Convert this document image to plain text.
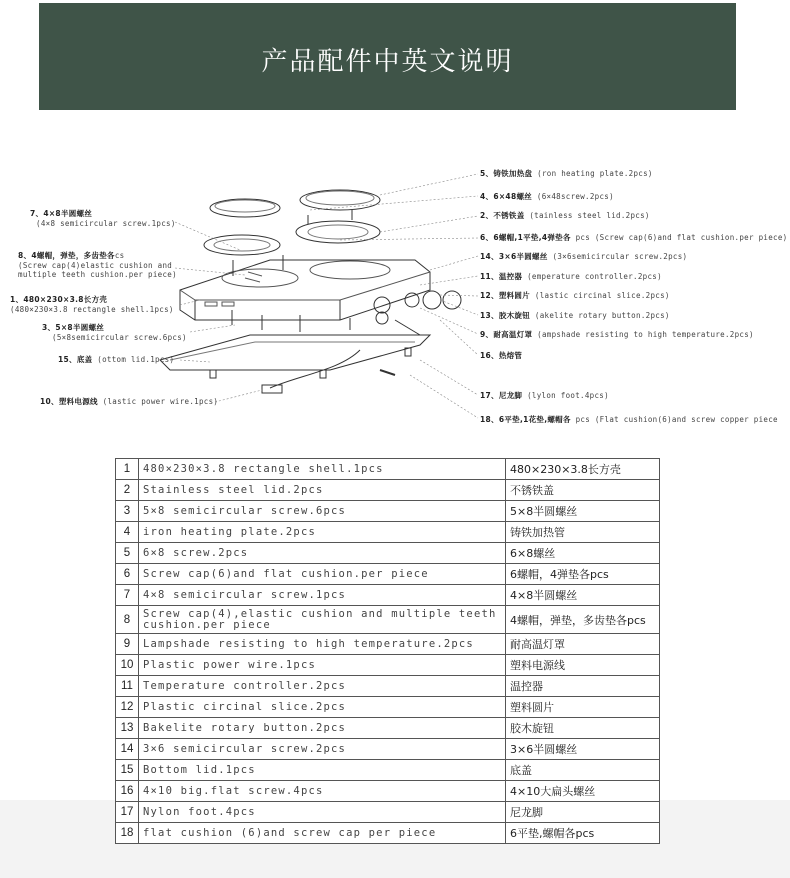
产品配件中英文说明
5、铸铁加热盘 (ron heating plate.2pcs)
4、6×48螺丝 (6×48screw.2pcs)
2、不锈铁盖 (tainless steel lid.2pcs)
6、6螺帽,1平垫,4弹垫各 pcs (Screw cap(6)and flat cushion.per piece)
14、3×6半圆螺丝 (3×6semicircular screw.2pcs)
11、温控器 (emperature controller.2pcs)
12、塑料圆片 (lastic circinal slice.2pcs)
13、胶木旋钮 (akelite rotary button.2pcs)
9、耐高温灯罩 (ampshade resisting to high temperature.2pcs)
16、热熔管
17、尼龙脚 (lylon foot.4pcs)
18、6平垫,1花垫,螺帽各 pcs (Flat cushion(6)and screw copper piece
7、4×8半圆螺丝
(4×8 semicircular screw.1pcs)
8、4螺帽，弹垫，多齿垫各cs
(Screw cap(4)elastic cushion and
multiple teeth cushion.per piece)
1、480×230×3.8长方壳
(480×230×3.8 rectangle shell.1pcs)
3、5×8半圆螺丝
(5×8semicircular screw.6pcs)
15、底盖 (ottom lid.1pcs)
10、塑料电源线 (lastic power wire.1pcs)
1	480×230×3.8 rectangle shell.1pcs	480×230×3.8长方壳
2	Stainless steel lid.2pcs	不锈铁盖
3	5×8 semicircular screw.6pcs	5×8半圆螺丝
4	iron heating plate.2pcs	铸铁加热管
5	6×8 screw.2pcs	6×8螺丝
6	Screw cap(6)and flat cushion.per piece	6螺帽，4弹垫各pcs
7	4×8 semicircular screw.1pcs	4×8半圆螺丝
8	Screw cap(4),elastic cushion and multiple teeth cushion.per piece	4螺帽，弹垫，多齿垫各pcs
9	Lampshade resisting to high temperature.2pcs	耐高温灯罩
10	Plastic power wire.1pcs	塑料电源线
11	Temperature controller.2pcs	温控器
12	Plastic circinal slice.2pcs	塑料圆片
13	Bakelite rotary button.2pcs	胶木旋钮
14	3×6 semicircular screw.2pcs	3×6半圆螺丝
15	Bottom lid.1pcs	底盖
16	4×10 big.flat screw.4pcs	4×10大扁头螺丝
17	Nylon foot.4pcs	尼龙脚
18	flat cushion (6)and screw cap per piece	6平垫,螺帽各pcs
